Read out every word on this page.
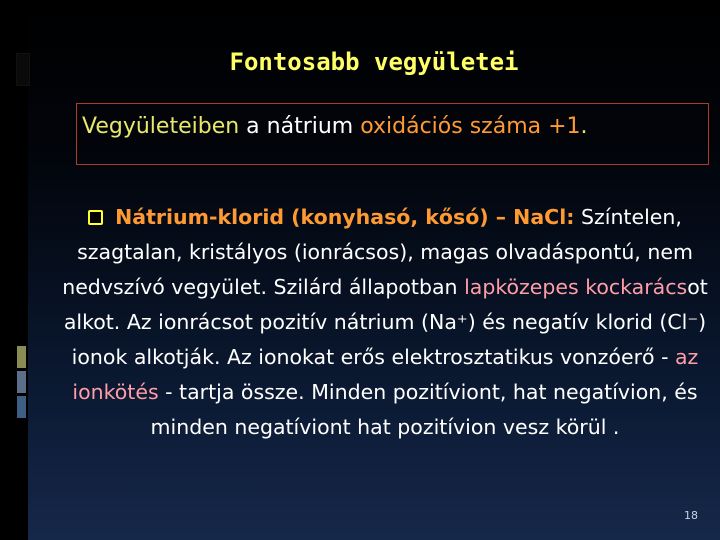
Fontosabb vegyületei
Vegyületeiben a nátrium oxidációs száma +1.
Nátrium-klorid (konyhasó, kősó) – NaCl: Színtelen, szagtalan, kristályos (ionrácsos), magas olvadáspontú, nem nedvszívó vegyület. Szilárd állapotban lapközepes kockarácsot alkot. Az ionrácsot pozitív nátrium (Na⁺) és negatív klorid (Cl⁻) ionok alkotják. Az ionokat erős elektrosztatikus vonzóerő - az ionkötés - tartja össze. Minden pozitíviont, hat negatívion, és minden negatíviont hat pozitívion vesz körül .
18
